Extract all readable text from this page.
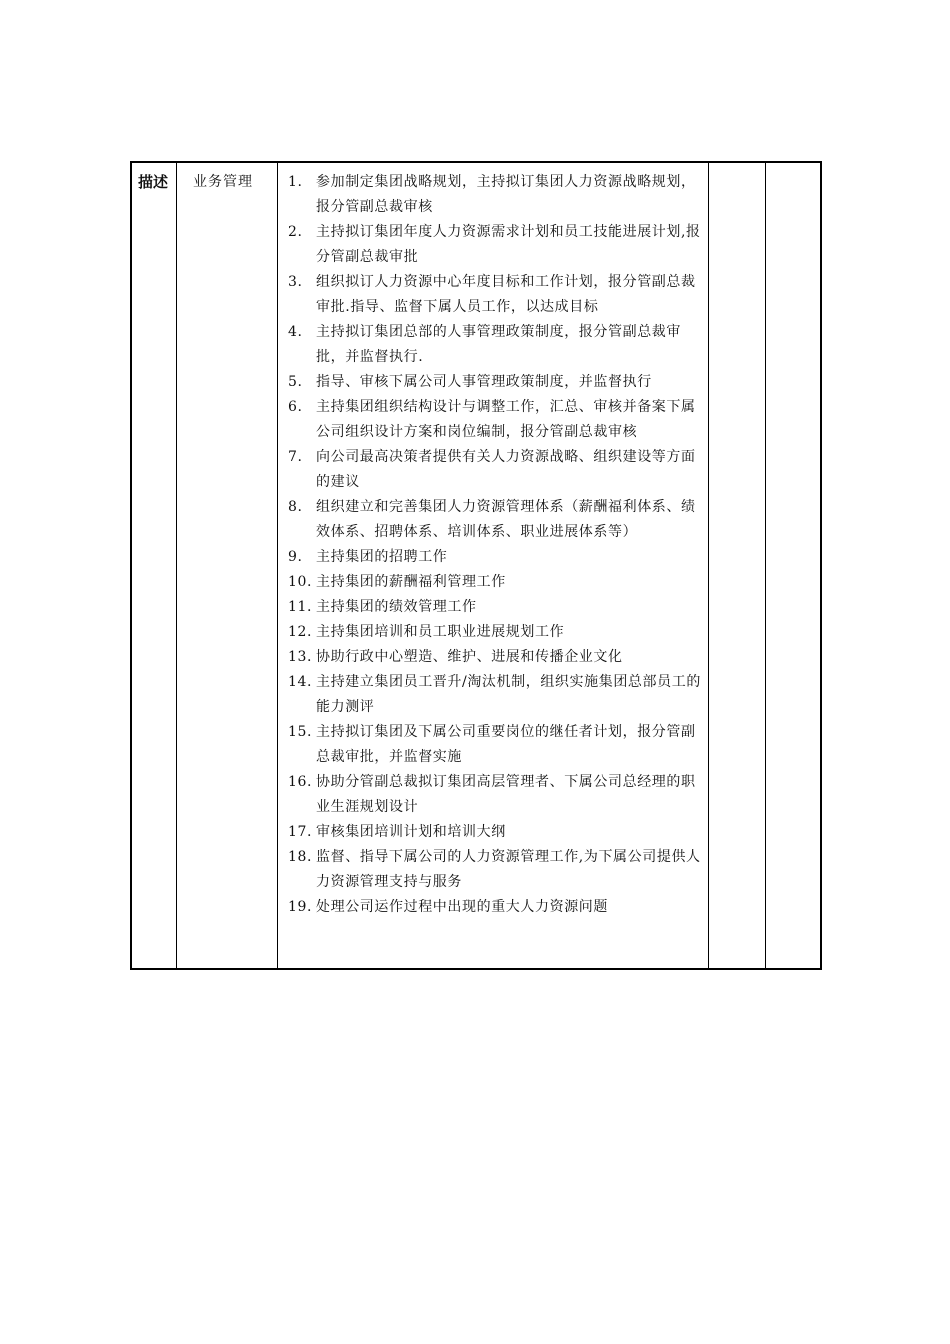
描述	业务管理	1. 参加制定集团战略规划，主持拟订集团人力资源战略规划，报分管副总裁审核
2. 主持拟订集团年度人力资源需求计划和员工技能进展计划,报分管副总裁审批
3. 组织拟订人力资源中心年度目标和工作计划，报分管副总裁审批.指导、监督下属人员工作，以达成目标
4. 主持拟订集团总部的人事管理政策制度，报分管副总裁审批，并监督执行.
5. 指导、审核下属公司人事管理政策制度，并监督执行
6. 主持集团组织结构设计与调整工作，汇总、审核并备案下属公司组织设计方案和岗位编制，报分管副总裁审核
7. 向公司最高决策者提供有关人力资源战略、组织建设等方面的建议
8. 组织建立和完善集团人力资源管理体系（薪酬福利体系、绩效体系、招聘体系、培训体系、职业进展体系等）
9. 主持集团的招聘工作
10. 主持集团的薪酬福利管理工作
11. 主持集团的绩效管理工作
12. 主持集团培训和员工职业进展规划工作
13. 协助行政中心塑造、维护、进展和传播企业文化
14. 主持建立集团员工晋升/淘汰机制，组织实施集团总部员工的能力测评
15. 主持拟订集团及下属公司重要岗位的继任者计划，报分管副总裁审批，并监督实施
16. 协助分管副总裁拟订集团高层管理者、下属公司总经理的职业生涯规划设计
17. 审核集团培训计划和培训大纲
18. 监督、指导下属公司的人力资源管理工作,为下属公司提供人力资源管理支持与服务
19. 处理公司运作过程中出现的重大人力资源问题
